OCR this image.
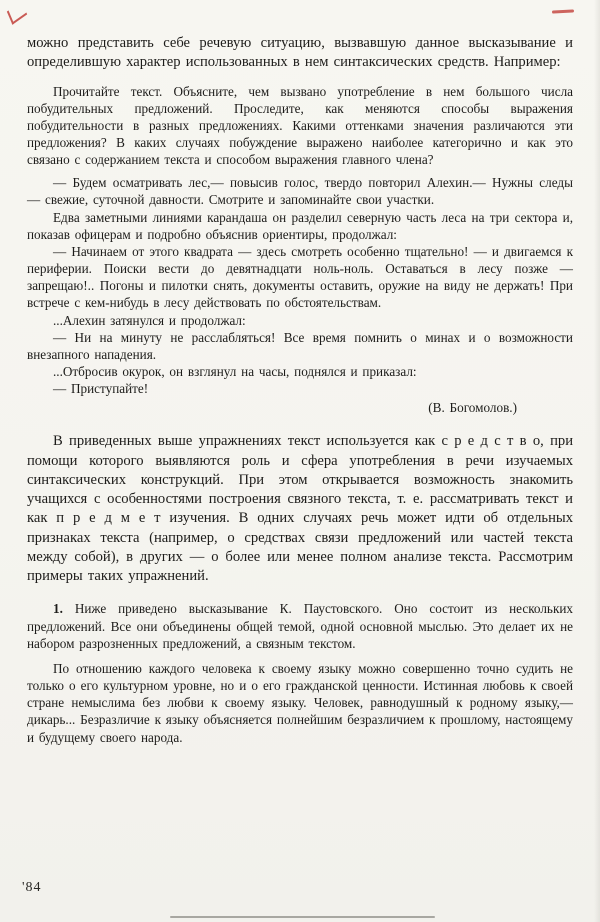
можно представить себе речевую ситуацию, вызвавшую данное высказывание и определившую характер использованных в нем синтаксических средств. Например:

Прочитайте текст. Объясните, чем вызвано употребление в нем большого числа побудительных предложений. Проследите, как меняются способы выражения побудительности в разных предложениях. Какими оттенками значения различаются эти предложения? В каких случаях побуждение выражено наиболее категорично и как это связано с содержанием текста и способом выражения главного члена?

— Будем осматривать лес,— повысив голос, твердо повторил Алехин.— Нужны следы — свежие, суточной давности. Смотрите и запоминайте свои участки.

Едва заметными линиями карандаша он разделил северную часть леса на три сектора и, показав офицерам и подробно объяснив ориентиры, продолжал:

— Начинаем от этого квадрата — здесь смотреть особенно тщательно! — и двигаемся к периферии. Поиски вести до девятнадцати ноль-ноль. Оставаться в лесу позже — запрещаю!.. Погоны и пилотки снять, документы оставить, оружие на виду не держать! При встрече с кем-нибудь в лесу действовать по обстоятельствам.

...Алехин затянулся и продолжал:

— Ни на минуту не расслабляться! Все время помнить о минах и о возможности внезапного нападения.

...Отбросив окурок, он взглянул на часы, поднялся и приказал:

— Приступайте!

(В. Богомолов.)

В приведенных выше упражнениях текст используется как с р е д с т в о, при помощи которого выявляются роль и сфера употребления в речи изучаемых синтаксических конструкций. При этом открывается возможность знакомить учащихся с особенностями построения связного текста, т. е. рассматривать текст и как п р е д м е т изучения. В одних случаях речь может идти об отдельных признаках текста (например, о средствах связи предложений или частей текста между собой), в других — о более или менее полном анализе текста. Рассмотрим примеры таких упражнений.

1. Ниже приведено высказывание К. Паустовского. Оно состоит из нескольких предложений. Все они объединены общей темой, одной основной мыслью. Это делает их не набором разрозненных предложений, а связным текстом.

По отношению каждого человека к своему языку можно совершенно точно судить не только о его культурном уровне, но и о его гражданской ценности. Истинная любовь к своей стране немыслима без любви к своему языку. Человек, равнодушный к родному языку,— дикарь... Безразличие к языку объясняется полнейшим безразличием к прошлому, настоящему и будущему своего народа.

'84
